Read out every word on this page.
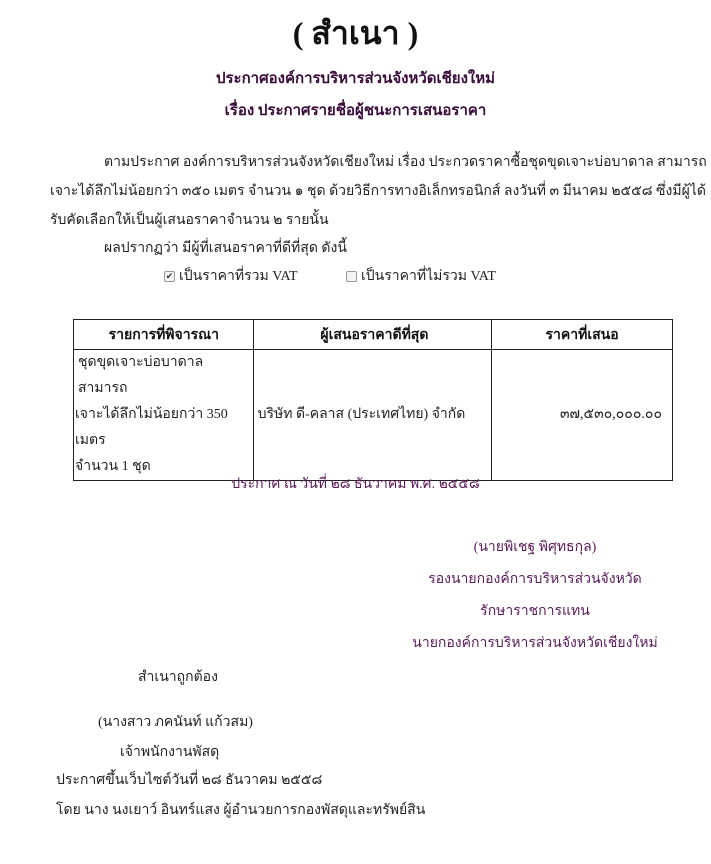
( สำเนา )
ประกาศองค์การบริหารส่วนจังหวัดเชียงใหม่
เรื่อง ประกาศรายชื่อผู้ชนะการเสนอราคา
ตามประกาศ องค์การบริหารส่วนจังหวัดเชียงใหม่ เรื่อง ประกวดราคาซื้อชุดขุดเจาะบ่อบาดาล สามารถ
เจาะได้ลึกไม่น้อยกว่า ๓๕๐ เมตร จำนวน ๑ ชุด ด้วยวิธีการทางอิเล็กทรอนิกส์ ลงวันที่ ๓ มีนาคม ๒๕๕๘ ซึ่งมีผู้ได้
รับคัดเลือกให้เป็นผู้เสนอราคาจำนวน ๒ รายนั้น
ผลปรากฏว่า มีผู้ที่เสนอราคาที่ดีที่สุด ดังนี้
✔ เป็นราคาที่รวม VAT	เป็นราคาที่ไม่รวม VAT
รายการที่พิจารณา	ผู้เสนอราคาดีที่สุด	ราคาที่เสนอ

ชุดขุดเจาะบ่อบาดาล สามารถ
เจาะได้ลึกไม่น้อยกว่า 350 เมตร
จำนวน 1 ชุด	บริษัท ดี-คลาส (ประเทศไทย) จำกัด	๓๗,๕๓๐,๐๐๐.๐๐
ประกาศ ณ วันที่ ๒๘ ธันวาคม พ.ศ. ๒๕๕๘
(นายพิเชฐ พิศุทธกุล)
รองนายกองค์การบริหารส่วนจังหวัด
รักษาราชการแทน
นายกองค์การบริหารส่วนจังหวัดเชียงใหม่
สำเนาถูกต้อง
(นางสาว ภคนันท์ แก้วสม)
เจ้าพนักงานพัสดุ
ประกาศขึ้นเว็บไซต์วันที่ ๒๘ ธันวาคม ๒๕๕๘
โดย นาง นงเยาว์ อินทร์แสง ผู้อำนวยการกองพัสดุและทรัพย์สิน
